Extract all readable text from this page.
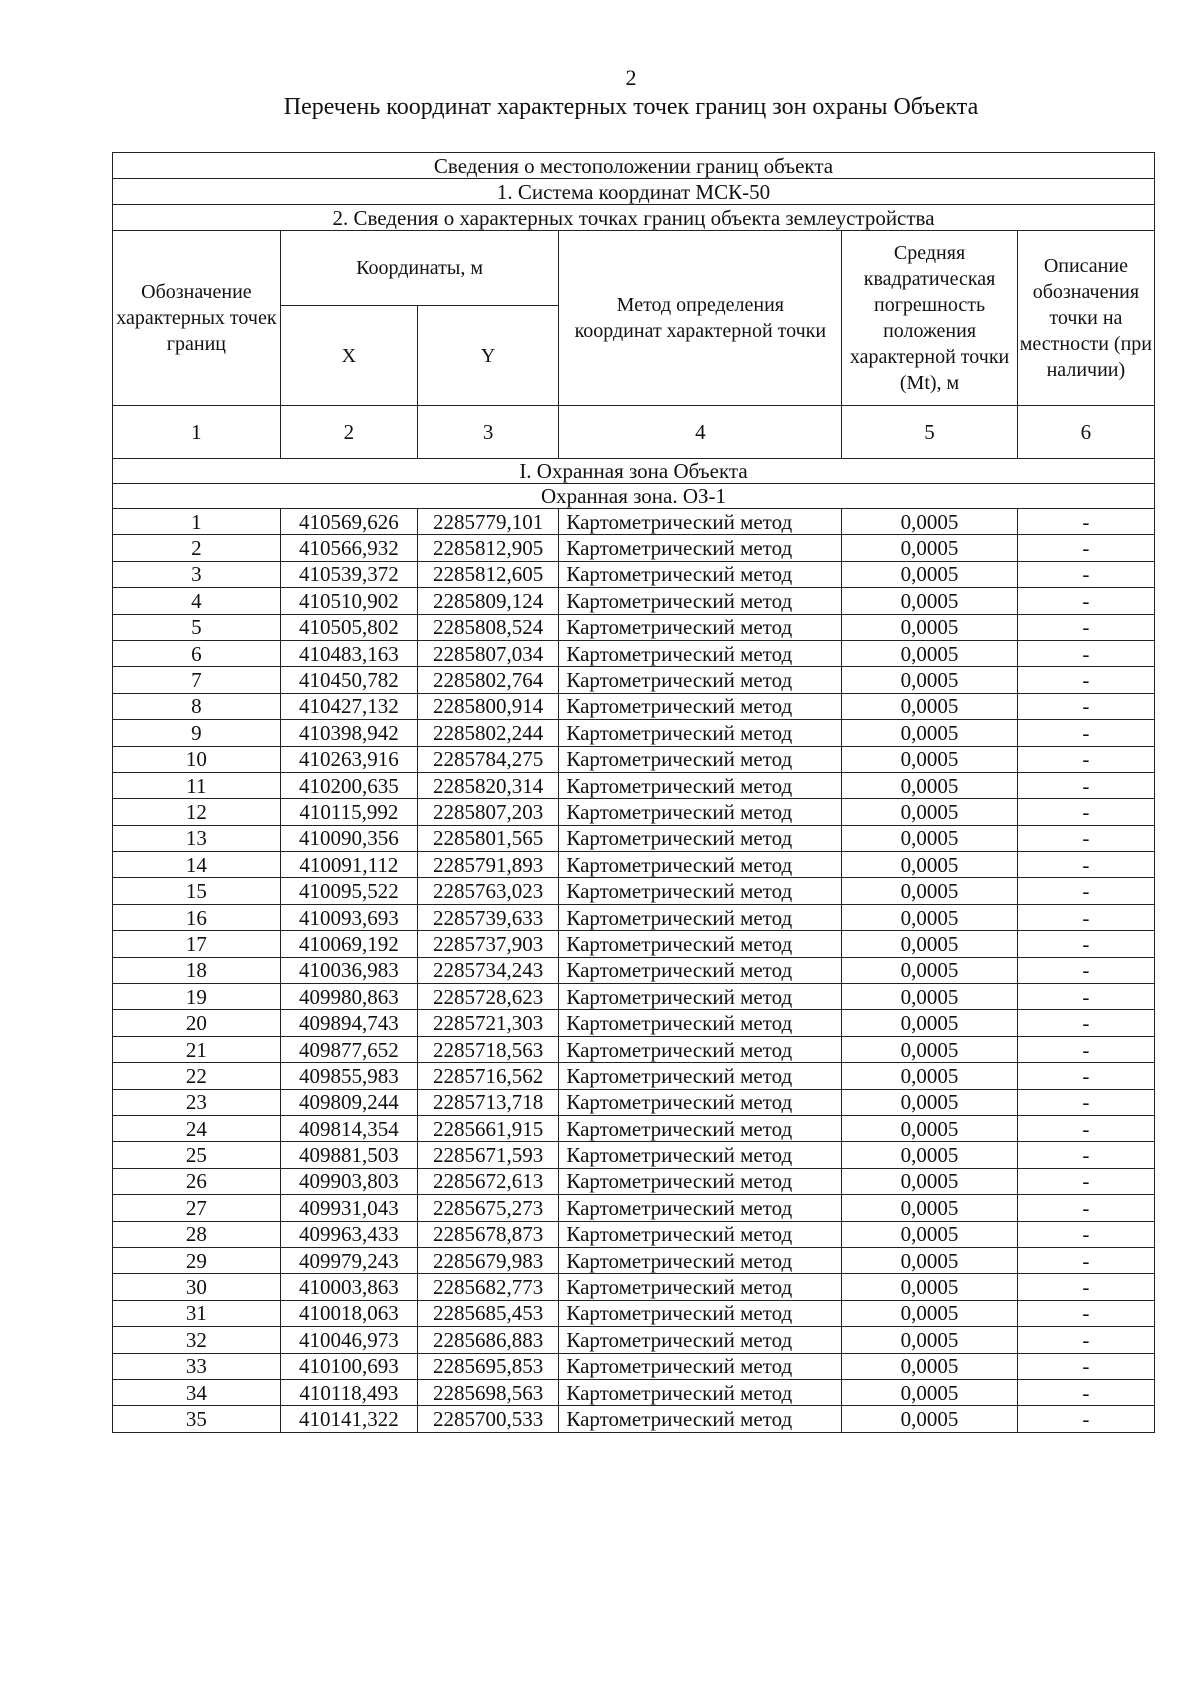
2
Перечень координат характерных точек границ зон охраны Объекта
Сведения о местоположении границ объекта					
1. Система координат МСК-50					
2. Сведения о характерных точках границ объекта землеустройства					
Обозначение характерных точек границ	Координаты, м		Метод определения координат характерной точки	Средняя квадратическая погрешность положения характерной точки (Mt), м	Описание обозначения точки на местности (при наличии)
	X	Y			
1	2	3	4	5	6
I. Охранная зона Объекта					
Охранная зона. ОЗ-1					
1	410569,626	2285779,101	Картометрический метод	0,0005	-
2	410566,932	2285812,905	Картометрический метод	0,0005	-
3	410539,372	2285812,605	Картометрический метод	0,0005	-
4	410510,902	2285809,124	Картометрический метод	0,0005	-
5	410505,802	2285808,524	Картометрический метод	0,0005	-
6	410483,163	2285807,034	Картометрический метод	0,0005	-
7	410450,782	2285802,764	Картометрический метод	0,0005	-
8	410427,132	2285800,914	Картометрический метод	0,0005	-
9	410398,942	2285802,244	Картометрический метод	0,0005	-
10	410263,916	2285784,275	Картометрический метод	0,0005	-
11	410200,635	2285820,314	Картометрический метод	0,0005	-
12	410115,992	2285807,203	Картометрический метод	0,0005	-
13	410090,356	2285801,565	Картометрический метод	0,0005	-
14	410091,112	2285791,893	Картометрический метод	0,0005	-
15	410095,522	2285763,023	Картометрический метод	0,0005	-
16	410093,693	2285739,633	Картометрический метод	0,0005	-
17	410069,192	2285737,903	Картометрический метод	0,0005	-
18	410036,983	2285734,243	Картометрический метод	0,0005	-
19	409980,863	2285728,623	Картометрический метод	0,0005	-
20	409894,743	2285721,303	Картометрический метод	0,0005	-
21	409877,652	2285718,563	Картометрический метод	0,0005	-
22	409855,983	2285716,562	Картометрический метод	0,0005	-
23	409809,244	2285713,718	Картометрический метод	0,0005	-
24	409814,354	2285661,915	Картометрический метод	0,0005	-
25	409881,503	2285671,593	Картометрический метод	0,0005	-
26	409903,803	2285672,613	Картометрический метод	0,0005	-
27	409931,043	2285675,273	Картометрический метод	0,0005	-
28	409963,433	2285678,873	Картометрический метод	0,0005	-
29	409979,243	2285679,983	Картометрический метод	0,0005	-
30	410003,863	2285682,773	Картометрический метод	0,0005	-
31	410018,063	2285685,453	Картометрический метод	0,0005	-
32	410046,973	2285686,883	Картометрический метод	0,0005	-
33	410100,693	2285695,853	Картометрический метод	0,0005	-
34	410118,493	2285698,563	Картометрический метод	0,0005	-
35	410141,322	2285700,533	Картометрический метод	0,0005	-
